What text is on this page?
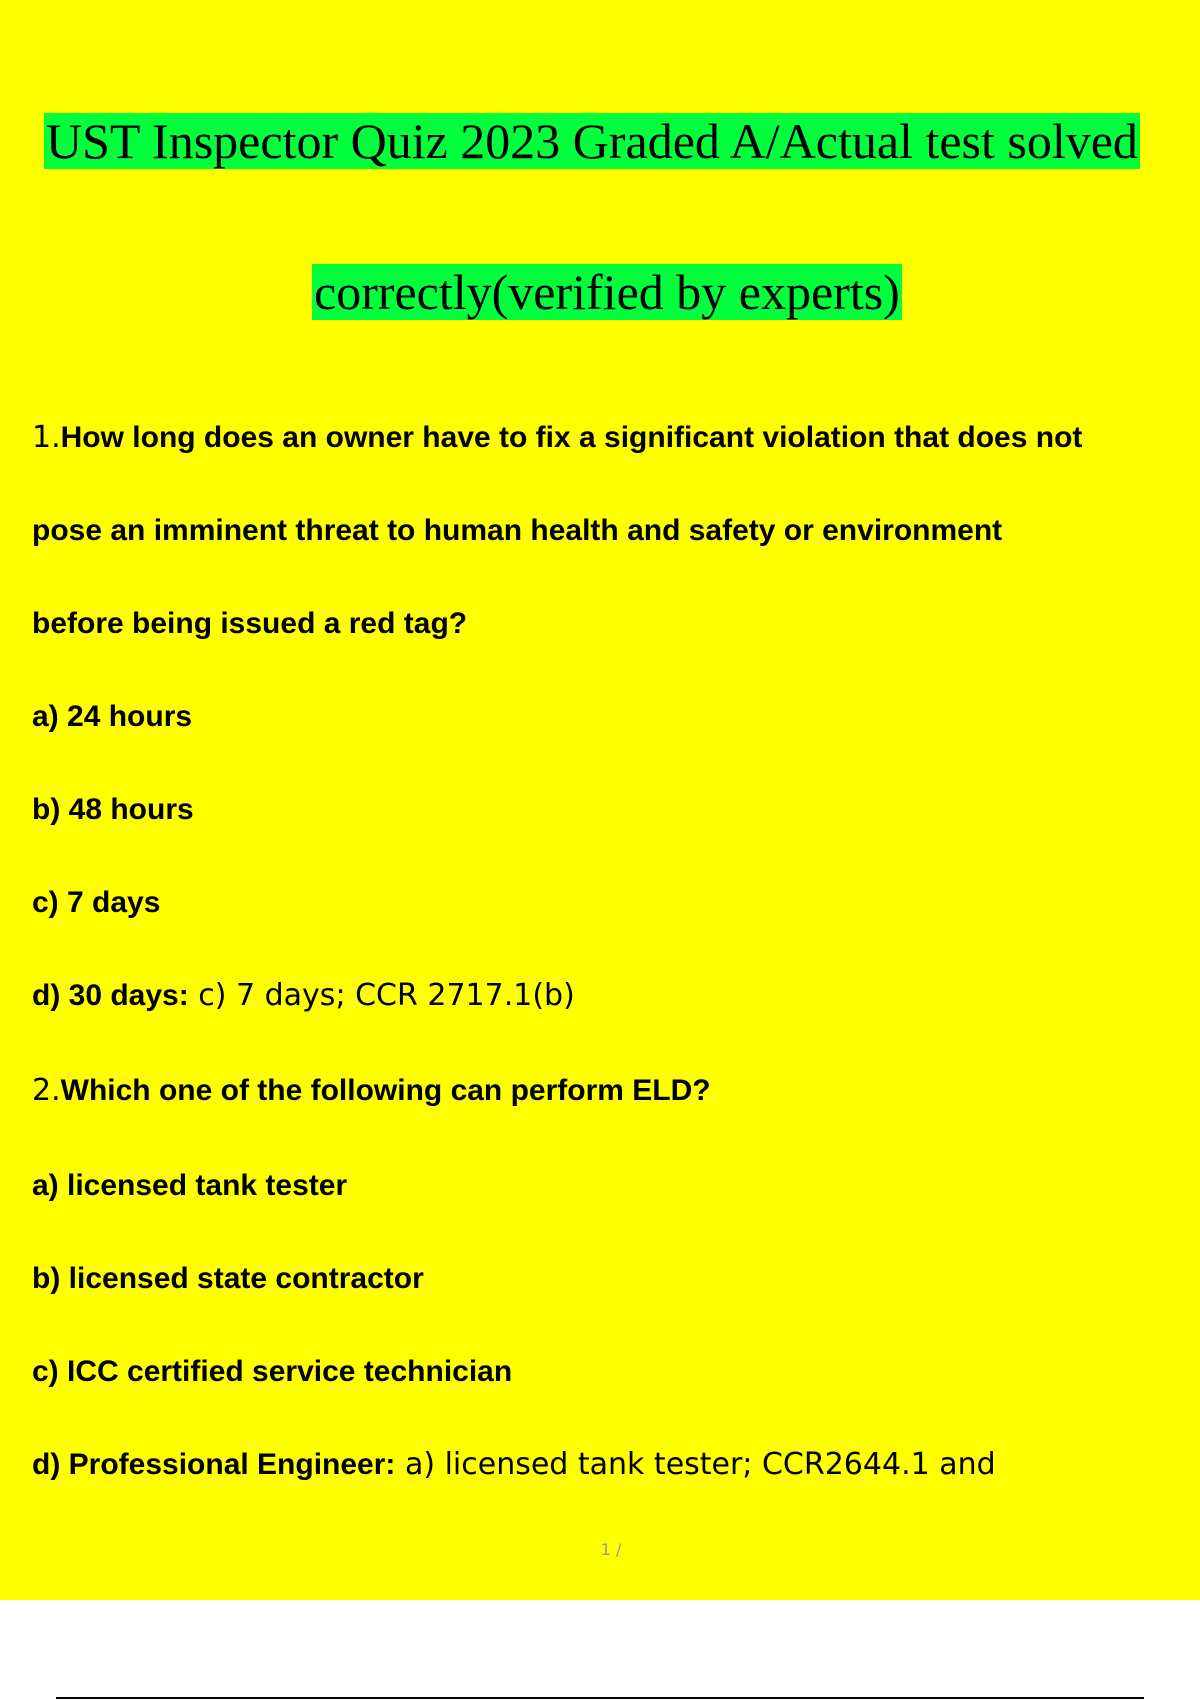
UST Inspector Quiz 2023 Graded A/Actual test solved
correctly(verified by experts)
1.How long does an owner have to fix a significant violation that does not
pose an imminent threat to human health and safety or environment
before being issued a red tag?
a) 24 hours
b) 48 hours
c) 7 days
d) 30 days: c) 7 days; CCR 2717.1(b)
2.Which one of the following can perform ELD?
a) licensed tank tester
b) licensed state contractor
c) ICC certified service technician
d) Professional Engineer: a) licensed tank tester; CCR2644.1 and
1 /
